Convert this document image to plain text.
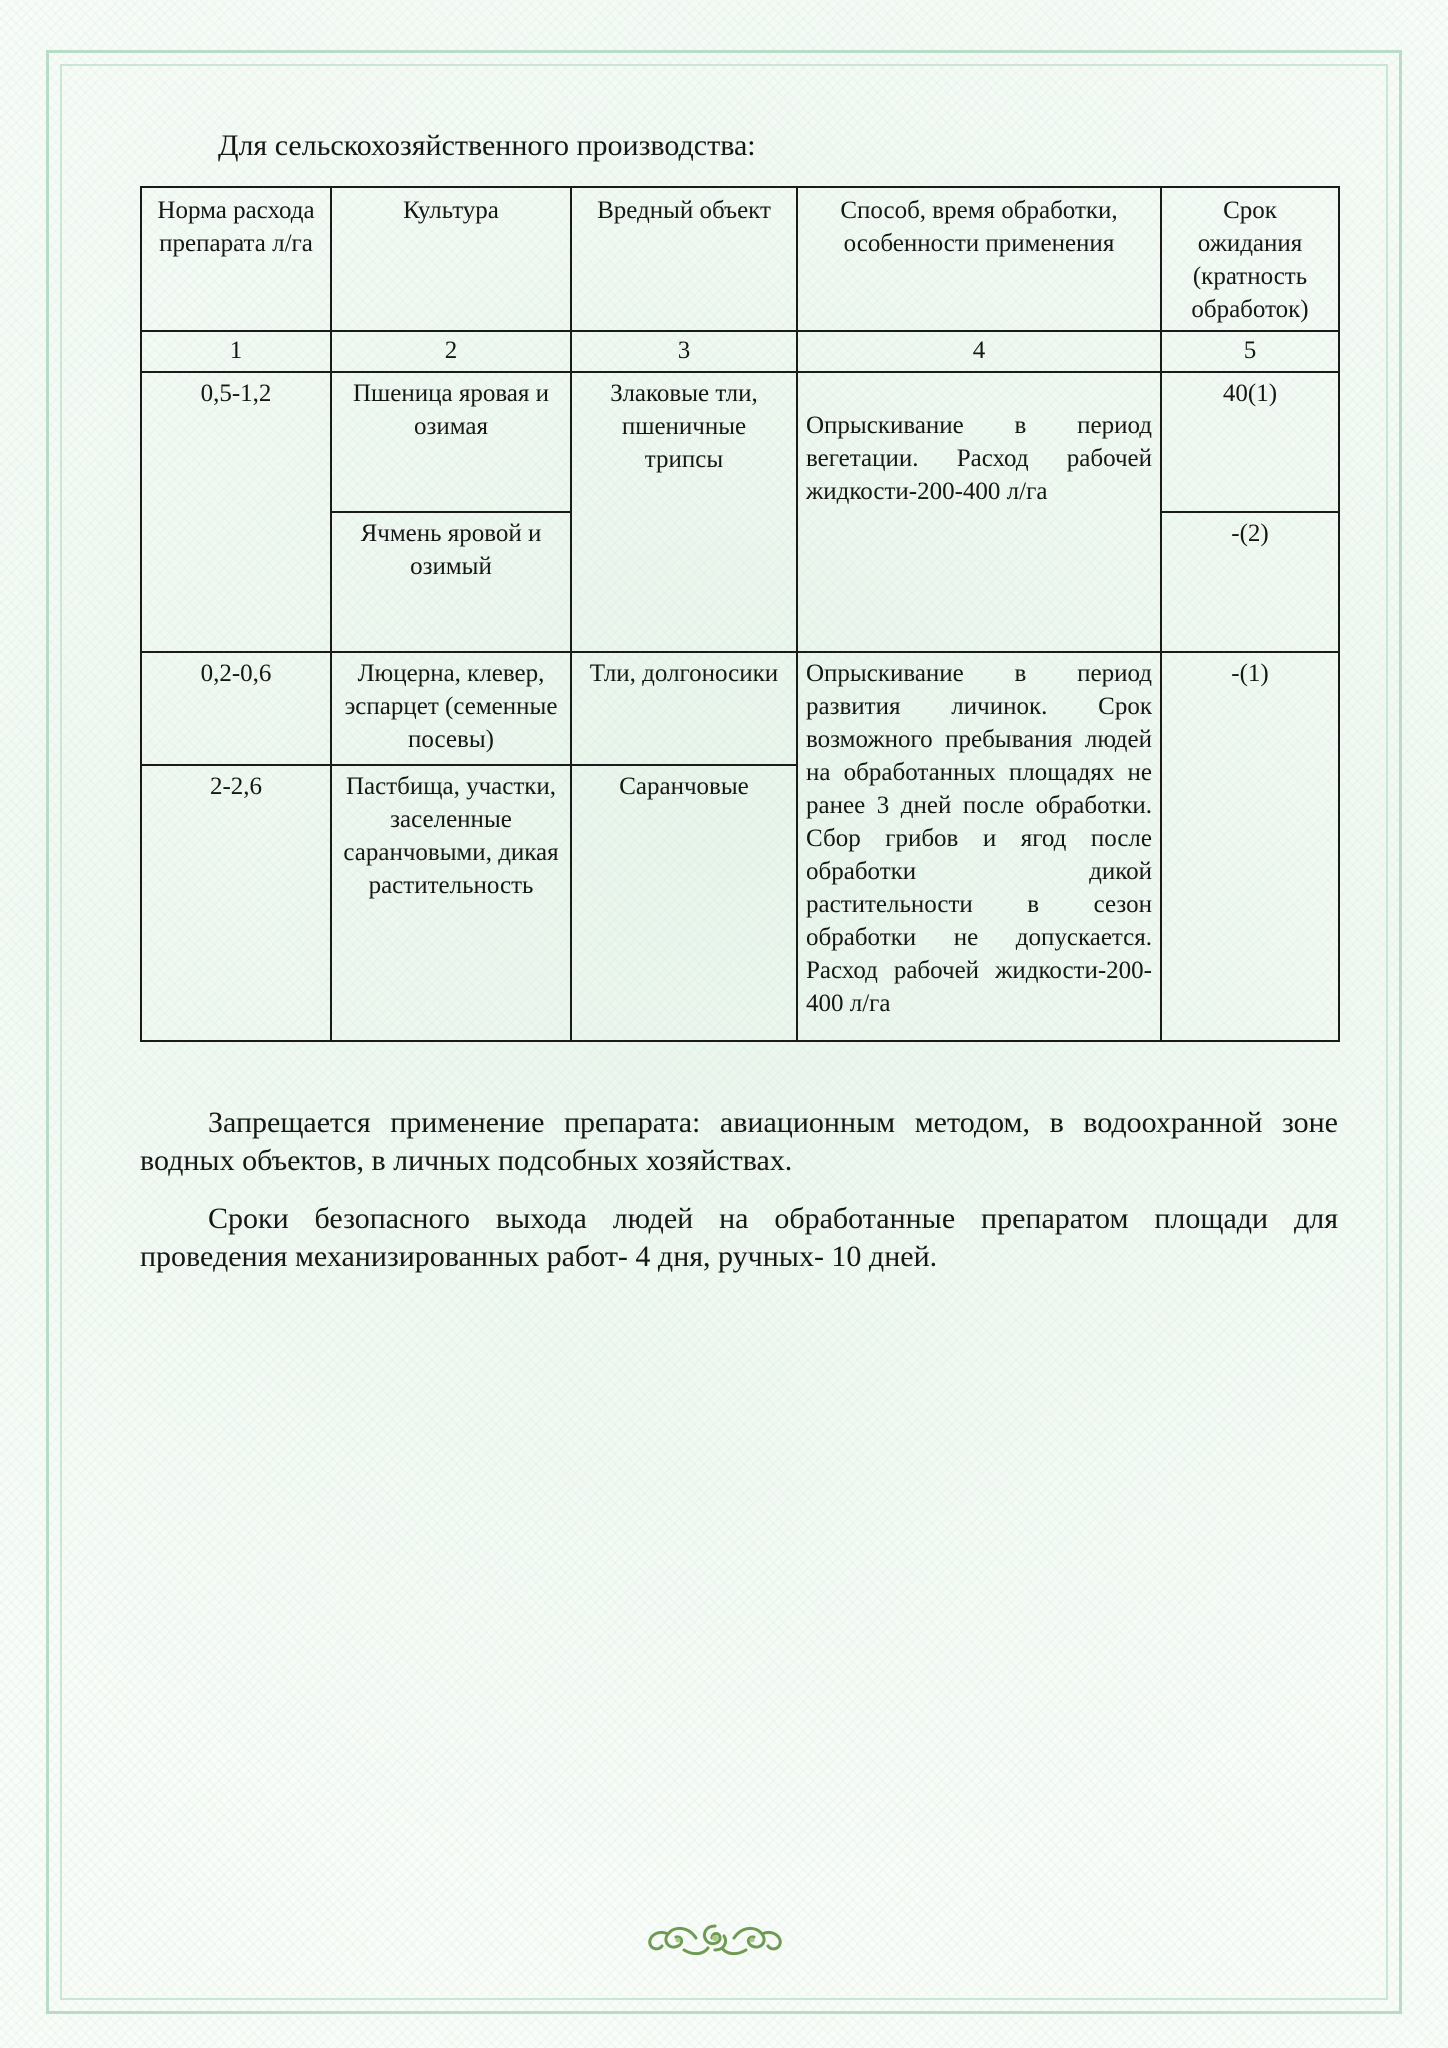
Для сельскохозяйственного производства:

Норма расхода препарата л/га	Культура	Вредный объект	Способ, время обработки, особенности применения	Срок ожидания (кратность обработок)
1	2	3	4	5
0,5-1,2	Пшеница яровая и озимая	Злаковые тли, пшеничные трипсы	Опрыскивание в период вегетации. Расход рабочей жидкости-200-400 л/га	40(1)
	Ячмень яровой и озимый			-(2)
0,2-0,6	Люцерна, клевер, эспарцет (семенные посевы)	Тли, долгоносики	Опрыскивание в период развития личинок. Срок возможного пребывания людей на обработанных площадях не ранее 3 дней после обработки. Сбор грибов и ягод после обработки дикой растительности в сезон обработки не допускается. Расход рабочей жидкости-200-400 л/га	-(1)
2-2,6	Пастбища, участки, заселенные саранчовыми, дикая растительность	Саранчовые		

Запрещается применение препарата: авиационным методом, в водоохранной зоне водных объектов, в личных подсобных хозяйствах.

Сроки безопасного выхода людей на обработанные препаратом площади для проведения механизированных работ- 4 дня, ручных- 10 дней.
